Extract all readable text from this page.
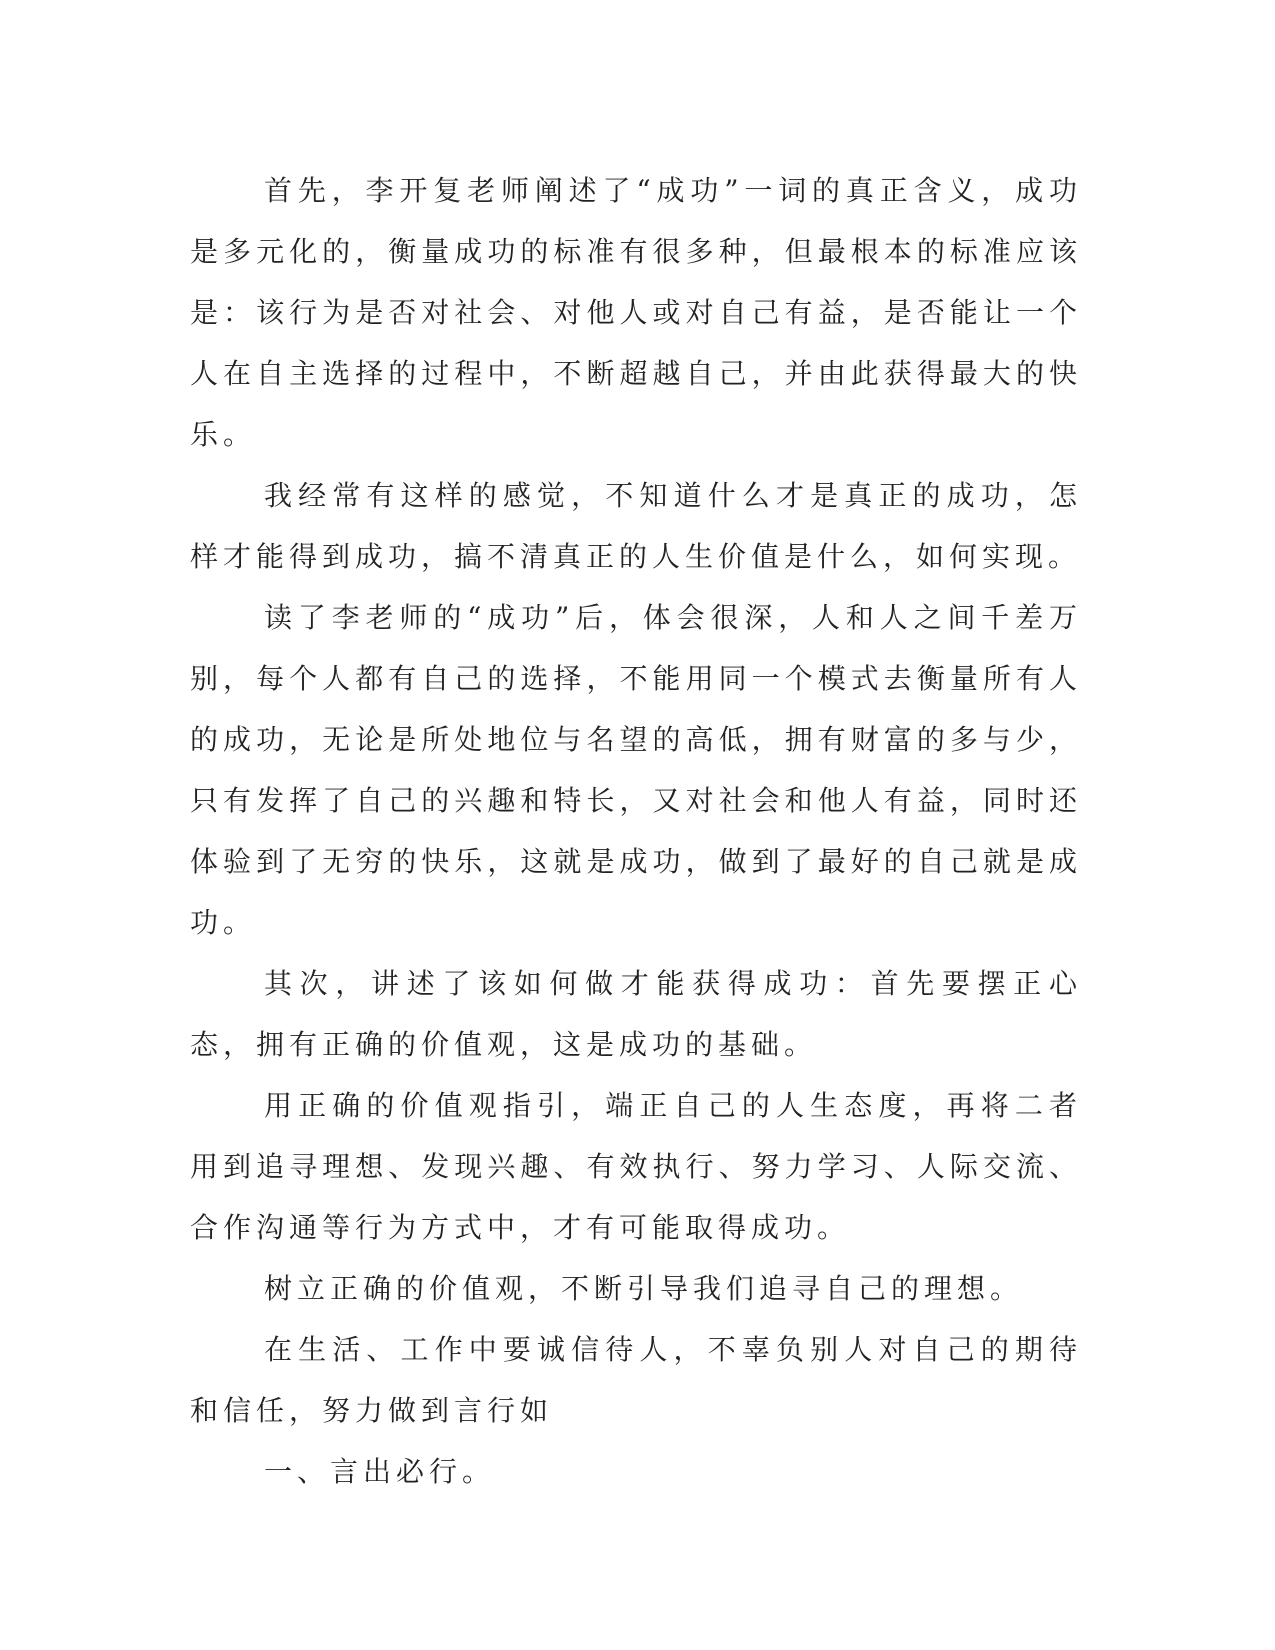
首先，李开复老师阐述了“成功”一词的真正含义，成功是多元化的，衡量成功的标准有很多种，但最根本的标准应该是：该行为是否对社会、对他人或对自己有益，是否能让一个人在自主选择的过程中，不断超越自己，并由此获得最大的快乐。

我经常有这样的感觉，不知道什么才是真正的成功，怎样才能得到成功，搞不清真正的人生价值是什么，如何实现。

读了李老师的“成功”后，体会很深，人和人之间千差万别，每个人都有自己的选择，不能用同一个模式去衡量所有人的成功，无论是所处地位与名望的高低，拥有财富的多与少，只有发挥了自己的兴趣和特长，又对社会和他人有益，同时还体验到了无穷的快乐，这就是成功，做到了最好的自己就是成功。

其次，讲述了该如何做才能获得成功：首先要摆正心态，拥有正确的价值观，这是成功的基础。

用正确的价值观指引，端正自己的人生态度，再将二者用到追寻理想、发现兴趣、有效执行、努力学习、人际交流、合作沟通等行为方式中，才有可能取得成功。

树立正确的价值观，不断引导我们追寻自己的理想。

在生活、工作中要诚信待人，不辜负别人对自己的期待和信任，努力做到言行如

一、言出必行。
